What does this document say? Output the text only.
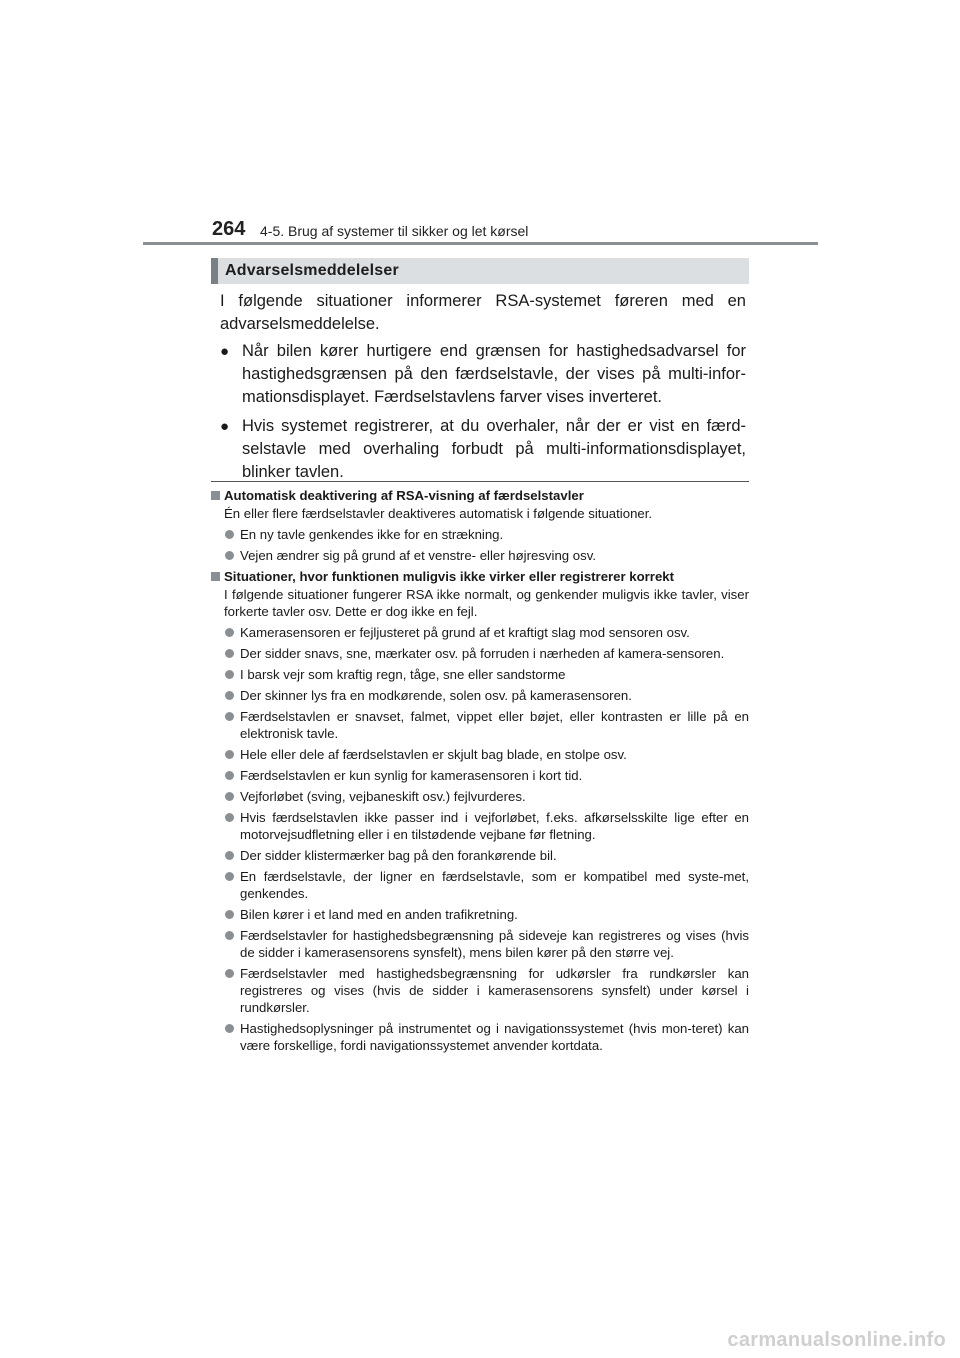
264 4-5. Brug af systemer til sikker og let kørsel
Advarselsmeddelelser

I følgende situationer informerer RSA-systemet føreren med en advarselsmeddelelse.

● Når bilen kører hurtigere end grænsen for hastighedsadvarsel for hastighedsgrænsen på den færdselstavle, der vises på multi-infor-mationsdisplayet. Færdselstavlens farver vises inverteret.
● Hvis systemet registrerer, at du overhaler, når der er vist en færd-selstavle med overhaling forbudt på multi-informationsdisplayet, blinker tavlen.
Automatisk deaktivering af RSA-visning af færdselstavler
Én eller flere færdselstavler deaktiveres automatisk i følgende situationer.
En ny tavle genkendes ikke for en strækning.
Vejen ændrer sig på grund af et venstre- eller højresving osv.
Situationer, hvor funktionen muligvis ikke virker eller registrerer korrekt
I følgende situationer fungerer RSA ikke normalt, og genkender muligvis ikke tavler, viser forkerte tavler osv. Dette er dog ikke en fejl.
Kamerasensoren er fejljusteret på grund af et kraftigt slag mod sensoren osv.
Der sidder snavs, sne, mærkater osv. på forruden i nærheden af kamera-sensoren.
I barsk vejr som kraftig regn, tåge, sne eller sandstorme
Der skinner lys fra en modkørende, solen osv. på kamerasensoren.
Færdselstavlen er snavset, falmet, vippet eller bøjet, eller kontrasten er lille på en elektronisk tavle.
Hele eller dele af færdselstavlen er skjult bag blade, en stolpe osv.
Færdselstavlen er kun synlig for kamerasensoren i kort tid.
Vejforløbet (sving, vejbaneskift osv.) fejlvurderes.
Hvis færdselstavlen ikke passer ind i vejforløbet, f.eks. afkørselsskilte lige efter en motorvejsudfletning eller i en tilstødende vejbane før fletning.
Der sidder klistermærker bag på den forankørende bil.
En færdselstavle, der ligner en færdselstavle, som er kompatibel med syste-met, genkendes.
Bilen kører i et land med en anden trafikretning.
Færdselstavler for hastighedsbegrænsning på sideveje kan registreres og vises (hvis de sidder i kamerasensorens synsfelt), mens bilen kører på den større vej.
Færdselstavler med hastighedsbegrænsning for udkørsler fra rundkørsler kan registreres og vises (hvis de sidder i kamerasensorens synsfelt) under kørsel i rundkørsler.
Hastighedsoplysninger på instrumentet og i navigationssystemet (hvis mon-teret) kan være forskellige, fordi navigationssystemet anvender kortdata.
carmanualsonline.info
